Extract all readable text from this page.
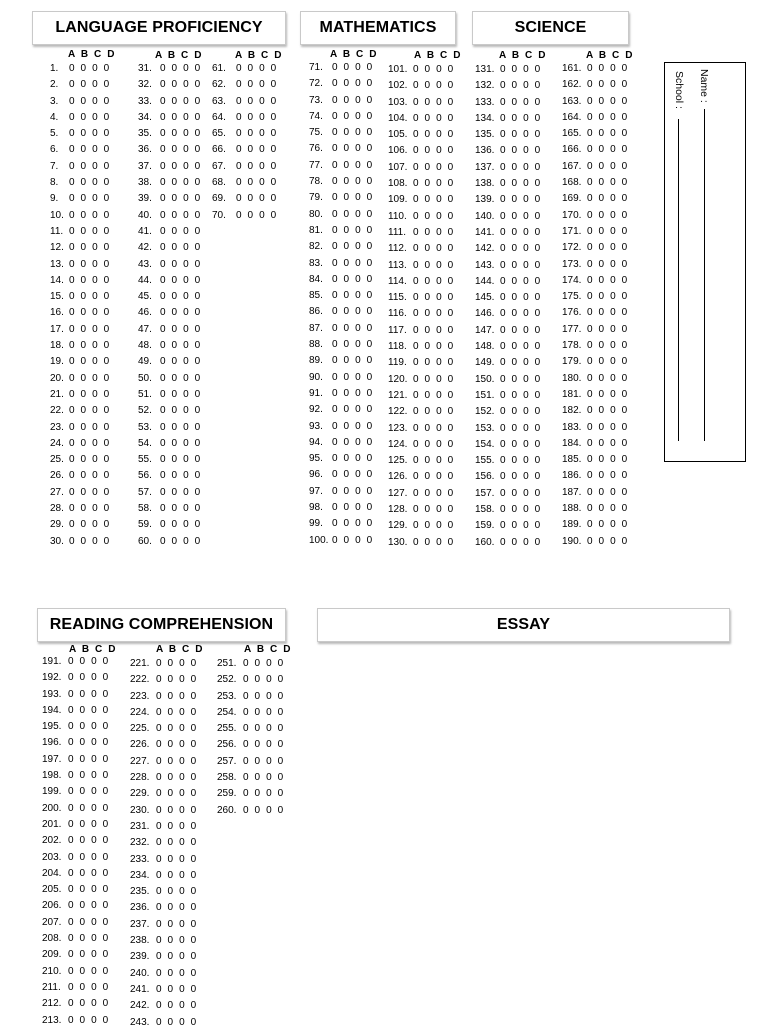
LANGUAGE PROFICIENCY	MATHEMATICS	SCIENCE
READING COMPREHENSION	ESSAY
A B C D
1. 0 0 0 0
2. 0 0 0 0
3. 0 0 0 0
4. 0 0 0 0
5. 0 0 0 0
6. 0 0 0 0
7. 0 0 0 0
8. 0 0 0 0
9. 0 0 0 0
10. 0 0 0 0
11. 0 0 0 0
12. 0 0 0 0
13. 0 0 0 0
14. 0 0 0 0
15. 0 0 0 0
16. 0 0 0 0
17. 0 0 0 0
18. 0 0 0 0
19. 0 0 0 0
20. 0 0 0 0
21. 0 0 0 0
22. 0 0 0 0
23. 0 0 0 0
24. 0 0 0 0
25. 0 0 0 0
26. 0 0 0 0
27. 0 0 0 0
28. 0 0 0 0
29. 0 0 0 0
30. 0 0 0 0
A B C D
31. 0 0 0 0
32. 0 0 0 0
33. 0 0 0 0
34. 0 0 0 0
35. 0 0 0 0
36. 0 0 0 0
37. 0 0 0 0
38. 0 0 0 0
39. 0 0 0 0
40. 0 0 0 0
41. 0 0 0 0
42. 0 0 0 0
43. 0 0 0 0
44. 0 0 0 0
45. 0 0 0 0
46. 0 0 0 0
47. 0 0 0 0
48. 0 0 0 0
49. 0 0 0 0
50. 0 0 0 0
51. 0 0 0 0
52. 0 0 0 0
53. 0 0 0 0
54. 0 0 0 0
55. 0 0 0 0
56. 0 0 0 0
57. 0 0 0 0
58. 0 0 0 0
59. 0 0 0 0
60. 0 0 0 0
A B C D
61. 0 0 0 0
62. 0 0 0 0
63. 0 0 0 0
64. 0 0 0 0
65. 0 0 0 0
66. 0 0 0 0
67. 0 0 0 0
68. 0 0 0 0
69. 0 0 0 0
70. 0 0 0 0
A B C D
71. 0 0 0 0
72. 0 0 0 0
73. 0 0 0 0
74. 0 0 0 0
75. 0 0 0 0
76. 0 0 0 0
77. 0 0 0 0
78. 0 0 0 0
79. 0 0 0 0
80. 0 0 0 0
81. 0 0 0 0
82. 0 0 0 0
83. 0 0 0 0
84. 0 0 0 0
85. 0 0 0 0
86. 0 0 0 0
87. 0 0 0 0
88. 0 0 0 0
89. 0 0 0 0
90. 0 0 0 0
91. 0 0 0 0
92. 0 0 0 0
93. 0 0 0 0
94. 0 0 0 0
95. 0 0 0 0
96. 0 0 0 0
97. 0 0 0 0
98. 0 0 0 0
99. 0 0 0 0
100. 0 0 0 0
A B C D
101. 0 0 0 0
102. 0 0 0 0
103. 0 0 0 0
104. 0 0 0 0
105. 0 0 0 0
106. 0 0 0 0
107. 0 0 0 0
108. 0 0 0 0
109. 0 0 0 0
110. 0 0 0 0
111. 0 0 0 0
112. 0 0 0 0
113. 0 0 0 0
114. 0 0 0 0
115. 0 0 0 0
116. 0 0 0 0
117. 0 0 0 0
118. 0 0 0 0
119. 0 0 0 0
120. 0 0 0 0
121. 0 0 0 0
122. 0 0 0 0
123. 0 0 0 0
124. 0 0 0 0
125. 0 0 0 0
126. 0 0 0 0
127. 0 0 0 0
128. 0 0 0 0
129. 0 0 0 0
130. 0 0 0 0
A B C D
131. 0 0 0 0
132. 0 0 0 0
133. 0 0 0 0
134. 0 0 0 0
135. 0 0 0 0
136. 0 0 0 0
137. 0 0 0 0
138. 0 0 0 0
139. 0 0 0 0
140. 0 0 0 0
141. 0 0 0 0
142. 0 0 0 0
143. 0 0 0 0
144. 0 0 0 0
145. 0 0 0 0
146. 0 0 0 0
147. 0 0 0 0
148. 0 0 0 0
149. 0 0 0 0
150. 0 0 0 0
151. 0 0 0 0
152. 0 0 0 0
153. 0 0 0 0
154. 0 0 0 0
155. 0 0 0 0
156. 0 0 0 0
157. 0 0 0 0
158. 0 0 0 0
159. 0 0 0 0
160. 0 0 0 0
A B C D
161. 0 0 0 0
162. 0 0 0 0
163. 0 0 0 0
164. 0 0 0 0
165. 0 0 0 0
166. 0 0 0 0
167. 0 0 0 0
168. 0 0 0 0
169. 0 0 0 0
170. 0 0 0 0
171. 0 0 0 0
172. 0 0 0 0
173. 0 0 0 0
174. 0 0 0 0
175. 0 0 0 0
176. 0 0 0 0
177. 0 0 0 0
178. 0 0 0 0
179. 0 0 0 0
180. 0 0 0 0
181. 0 0 0 0
182. 0 0 0 0
183. 0 0 0 0
184. 0 0 0 0
185. 0 0 0 0
186. 0 0 0 0
187. 0 0 0 0
188. 0 0 0 0
189. 0 0 0 0
190. 0 0 0 0
A B C D
191. 0 0 0 0
192. 0 0 0 0
193. 0 0 0 0
194. 0 0 0 0
195. 0 0 0 0
196. 0 0 0 0
197. 0 0 0 0
198. 0 0 0 0
199. 0 0 0 0
200. 0 0 0 0
201. 0 0 0 0
202. 0 0 0 0
203. 0 0 0 0
204. 0 0 0 0
205. 0 0 0 0
206. 0 0 0 0
207. 0 0 0 0
208. 0 0 0 0
209. 0 0 0 0
210. 0 0 0 0
211. 0 0 0 0
212. 0 0 0 0
213. 0 0 0 0
A B C D
221. 0 0 0 0
222. 0 0 0 0
223. 0 0 0 0
224. 0 0 0 0
225. 0 0 0 0
226. 0 0 0 0
227. 0 0 0 0
228. 0 0 0 0
229. 0 0 0 0
230. 0 0 0 0
231. 0 0 0 0
232. 0 0 0 0
233. 0 0 0 0
234. 0 0 0 0
235. 0 0 0 0
236. 0 0 0 0
237. 0 0 0 0
238. 0 0 0 0
239. 0 0 0 0
240. 0 0 0 0
241. 0 0 0 0
242. 0 0 0 0
243. 0 0 0 0
A B C D
251. 0 0 0 0
252. 0 0 0 0
253. 0 0 0 0
254. 0 0 0 0
255. 0 0 0 0
256. 0 0 0 0
257. 0 0 0 0
258. 0 0 0 0
259. 0 0 0 0
260. 0 0 0 0
Name :
School :
